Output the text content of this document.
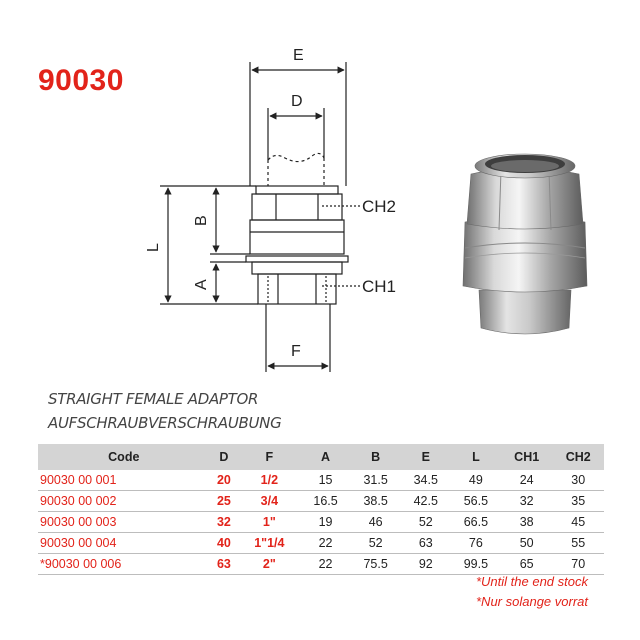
90030
E
D
F
L
B
A
CH2
CH1
STRAIGHT FEMALE ADAPTOR
AUFSCHRAUBVERSCHRAUBUNG
Code	D	F	A	B	E	L	CH1	CH2
90030 00 001	20	1/2	15	31.5	34.5	49	24	30
90030 00 002	25	3/4	16.5	38.5	42.5	56.5	32	35
90030 00 003	32	1"	19	46	52	66.5	38	45
90030 00 004	40	1"1/4	22	52	63	76	50	55
*90030 00 006	63	2"	22	75.5	92	99.5	65	70
*Until the end stock
*Nur solange vorrat
